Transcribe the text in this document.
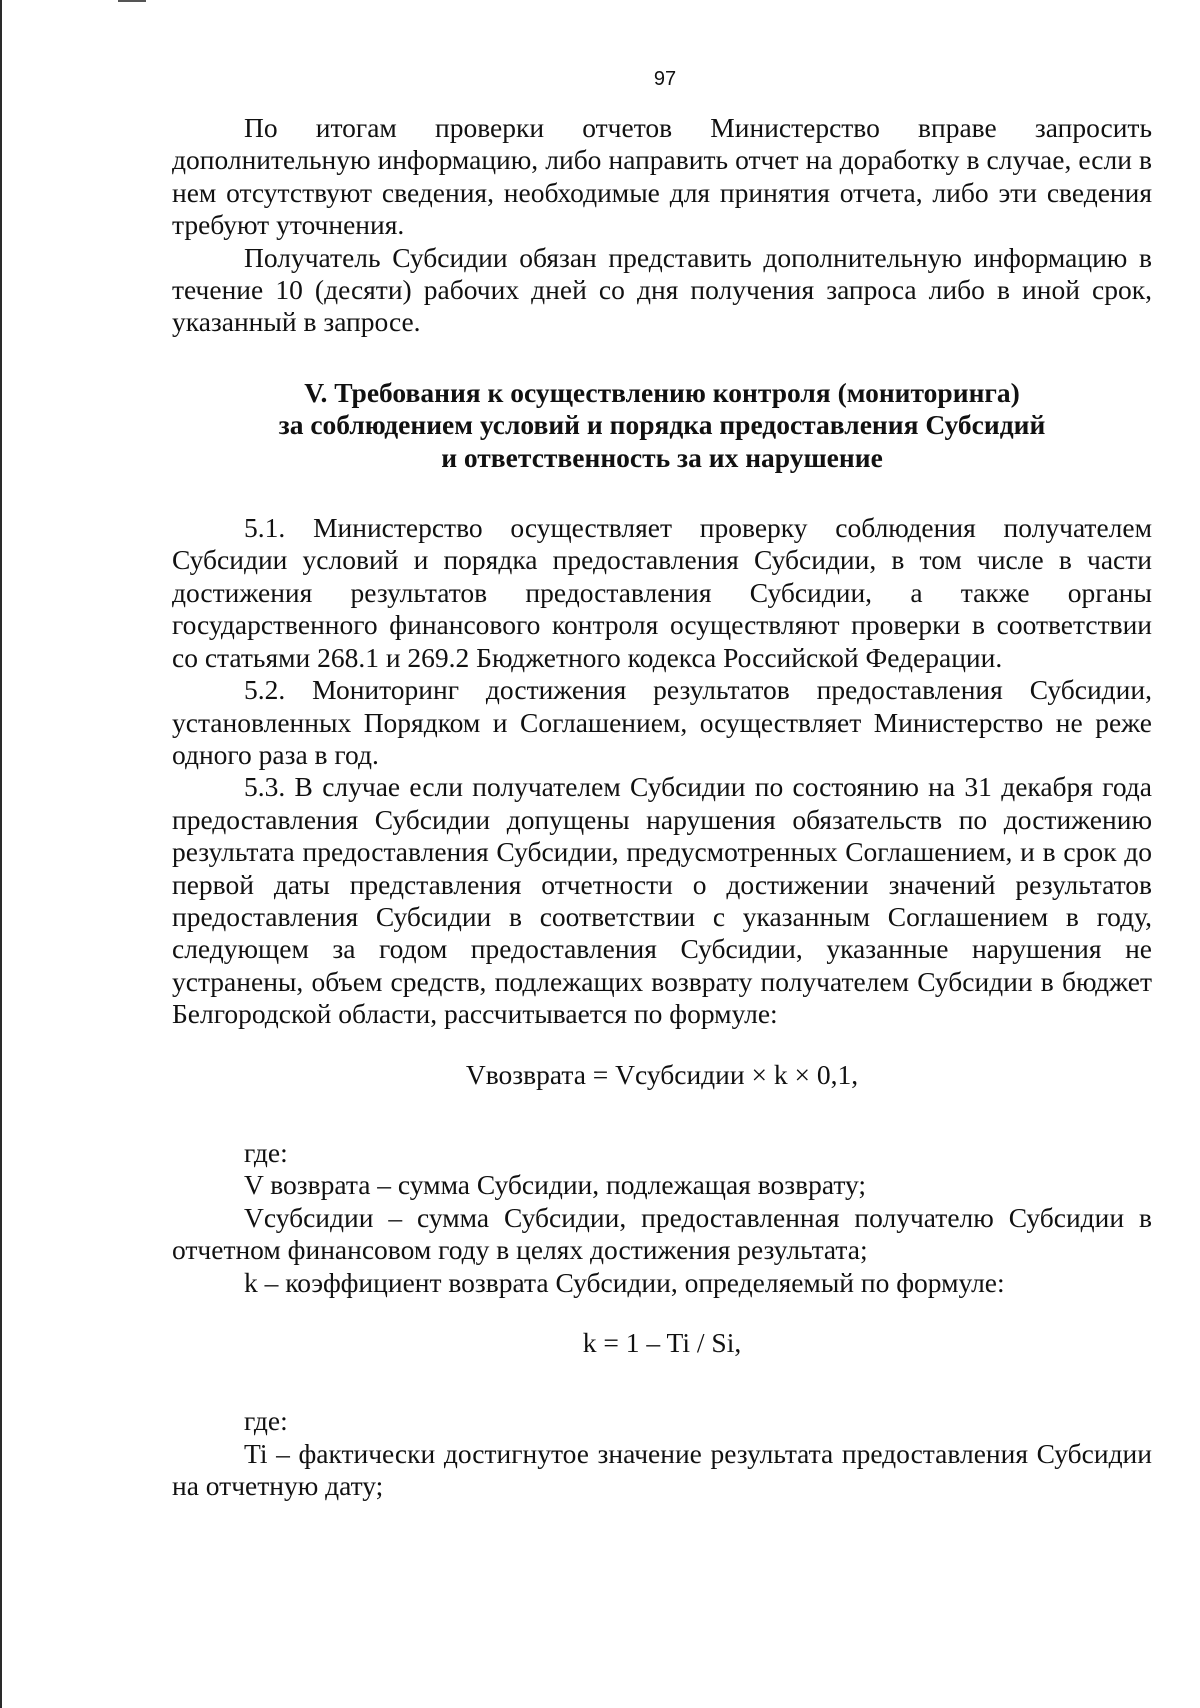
97

По итогам проверки отчетов Министерство вправе запросить дополнительную информацию, либо направить отчет на доработку в случае, если в нем отсутствуют сведения, необходимые для принятия отчета, либо эти сведения требуют уточнения.

Получатель Субсидии обязан представить дополнительную информацию в течение 10 (десяти) рабочих дней со дня получения запроса либо в иной срок, указанный в запросе.

V. Требования к осуществлению контроля (мониторинга)
за соблюдением условий и порядка предоставления Субсидий
и ответственность за их нарушение

5.1. Министерство осуществляет проверку соблюдения получателем Субсидии условий и порядка предоставления Субсидии, в том числе в части достижения результатов предоставления Субсидии, а также органы государственного финансового контроля осуществляют проверки в соответствии со статьями 268.1 и 269.2 Бюджетного кодекса Российской Федерации.

5.2. Мониторинг достижения результатов предоставления Субсидии, установленных Порядком и Соглашением, осуществляет Министерство не реже одного раза в год.

5.3. В случае если получателем Субсидии по состоянию на 31 декабря года предоставления Субсидии допущены нарушения обязательств по достижению результата предоставления Субсидии, предусмотренных Соглашением, и в срок до первой даты представления отчетности о достижении значений результатов предоставления Субсидии в соответствии с указанным Соглашением в году, следующем за годом предоставления Субсидии, указанные нарушения не устранены, объем средств, подлежащих возврату получателем Субсидии в бюджет Белгородской области, рассчитывается по формуле:

Vвозврата = Vсубсидии × k × 0,1,

где:

V возврата – сумма Субсидии, подлежащая возврату;

Vсубсидии – сумма Субсидии, предоставленная получателю Субсидии в отчетном финансовом году в целях достижения результата;

k – коэффициент возврата Субсидии, определяемый по формуле:

k = 1 – Ti / Si,

где:

Ti – фактически достигнутое значение результата предоставления Субсидии на отчетную дату;
